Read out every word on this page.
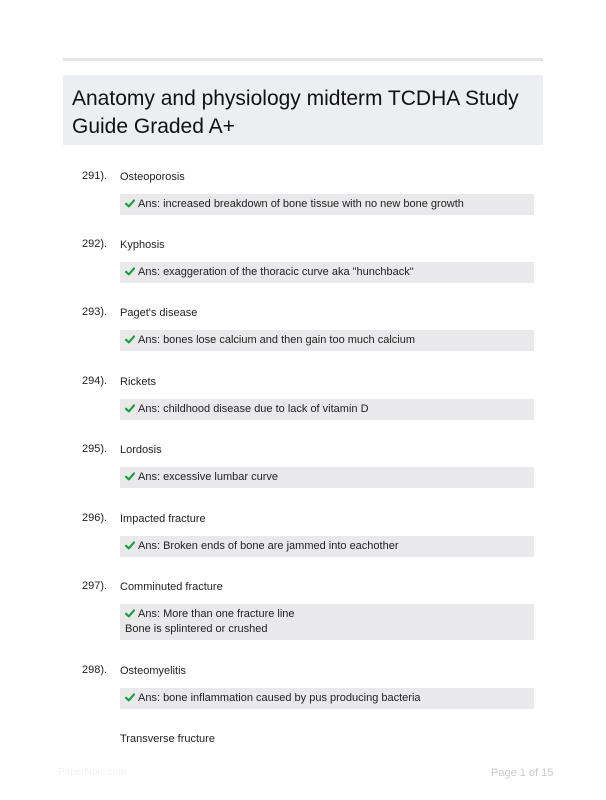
Anatomy and physiology midterm TCDHA Study Guide Graded A+
291). Osteoporosis
Ans: increased breakdown of bone tissue with no new bone growth
292). Kyphosis
Ans: exaggeration of the thoracic curve aka "hunchback"
293). Paget's disease
Ans: bones lose calcium and then gain too much calcium
294). Rickets
Ans: childhood disease due to lack of vitamin D
295). Lordosis
Ans: excessive lumbar curve
296). Impacted fracture
Ans: Broken ends of bone are jammed into eachother
297). Comminuted fracture
Ans: More than one fracture line
Bone is splintered or crushed
298). Osteomyelitis
Ans: bone inflammation caused by pus producing bacteria
Transverse fructure
PaperNbic.com	Page 1 of 15
